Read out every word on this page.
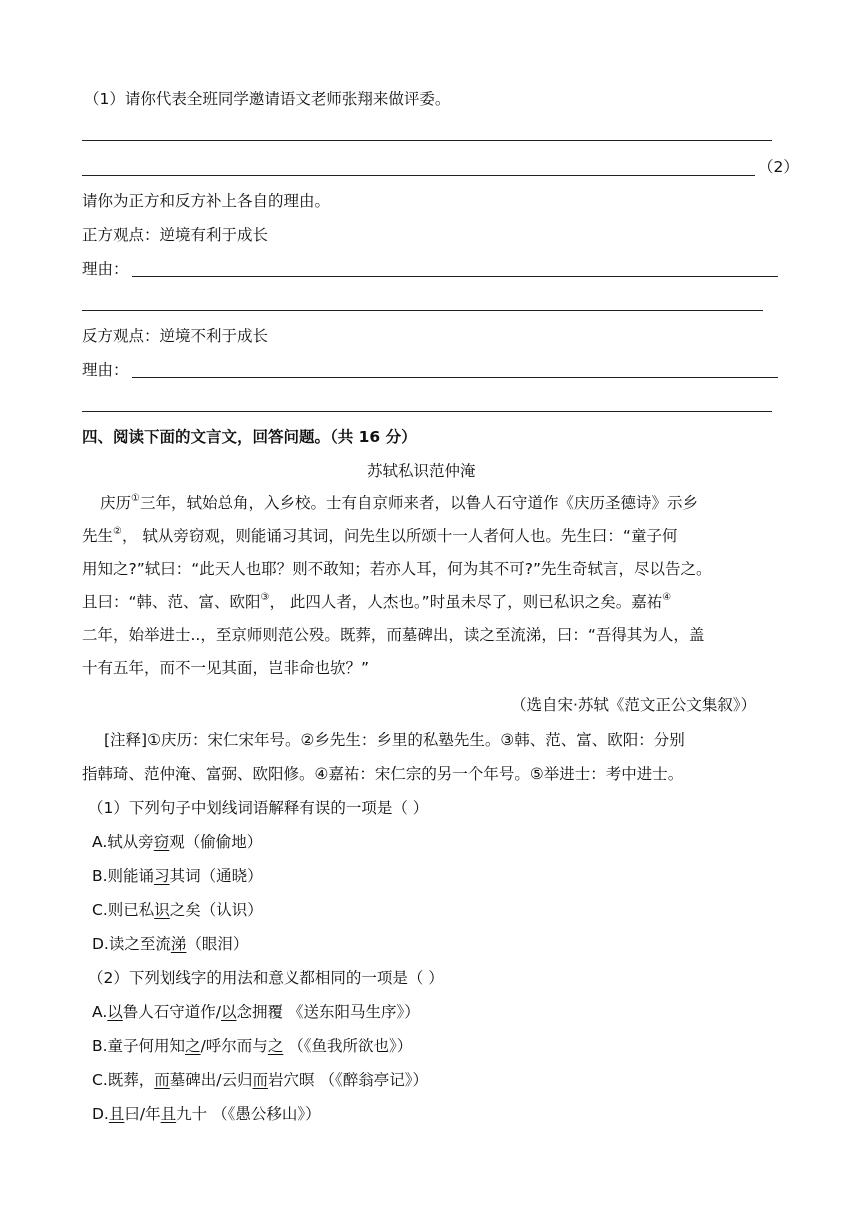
（1）请你代表全班同学邀请语文老师张翔来做评委。
（2）
请你为正方和反方补上各自的理由。
正方观点：逆境有利于成长
理由：
反方观点：逆境不利于成长
理由：
四、阅读下面的文言文，回答问题。（共 16 分）
苏轼私识范仲淹
庆历①三年，轼始总角，入乡校。士有自京师来者，以鲁人石守道作《庆历圣德诗》示乡
先生②， 轼从旁窃观，则能诵习其词，问先生以所颂十一人者何人也。先生曰：“童子何
用知之?”轼曰：“此天人也耶？则不敢知；若亦人耳，何为其不可?”先生奇轼言，尽以告之。
且曰：“韩、范、富、欧阳③， 此四人者，人杰也。”时虽未尽了，则已私识之矣。嘉祐④
二年，始举进士..，至京师则范公殁。既葬，而墓碑出，读之至流涕，曰：“吾得其为人，盖
十有五年，而不一见其面，岂非命也欤？”
（选自宋·苏轼《范文正公文集叙》）
[注释]①庆历：宋仁宋年号。②乡先生：乡里的私塾先生。③韩、范、富、欧阳：分别
指韩琦、范仲淹、富弼、欧阳修。④嘉祐：宋仁宗的另一个年号。⑤举进士：考中进士。
（1）下列句子中划线词语解释有误的一项是（ ）
A.轼从旁窃观（偷偷地）
B.则能诵习其词（通晓）
C.则已私识之矣（认识）
D.读之至流涕（眼泪）
（2）下列划线字的用法和意义都相同的一项是（ ）
A.以鲁人石守道作/以念拥覆 《送东阳马生序》）
B.童子何用知之/呼尔而与之 （《鱼我所欲也》）
C.既葬，而墓碑出/云归而岩穴暝 （《醉翁亭记》）
D.且曰/年且九十 （《愚公移山》）
